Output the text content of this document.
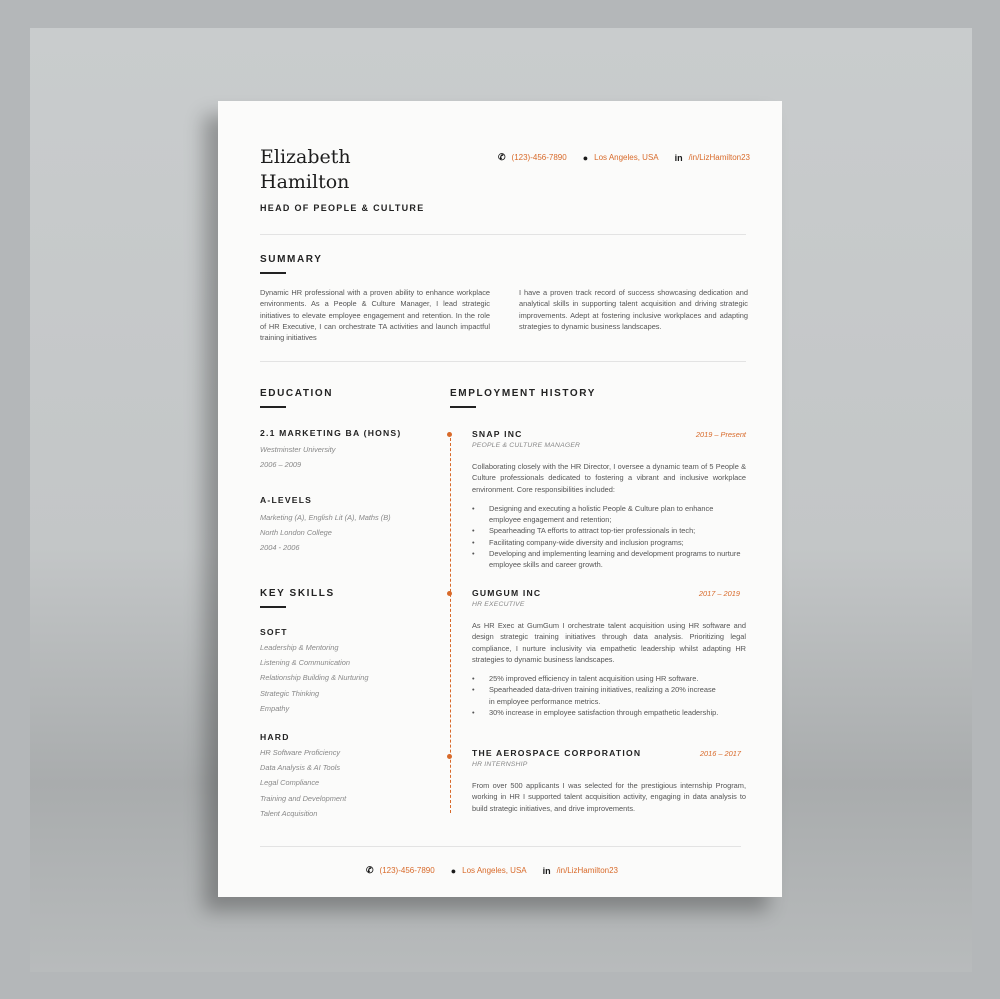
Elizabeth
Hamilton
HEAD OF PEOPLE & CULTURE
✆ (123)-456-7890 ● Los Angeles, USA in /in/LizHamilton23
SUMMARY
Dynamic HR professional with a proven ability to enhance workplace environments. As a People & Culture Manager, I lead strategic initiatives to elevate employee engagement and retention. In the role of HR Executive, I can orchestrate TA activities and launch impactful training initiatives
I have a proven track record of success showcasing dedication and analytical skills in supporting talent acquisition and driving strategic improvements. Adept at fostering inclusive workplaces and adapting strategies to dynamic business landscapes.
EDUCATION
2.1 MARKETING BA (HONS)
Westminster University
2006 – 2009
A-LEVELS
Marketing (A), English Lit (A), Maths (B)
North London College
2004 - 2006
KEY SKILLS
SOFT
Leadership & Mentoring
Listening & Communication
Relationship Building & Nurturing
Strategic Thinking
Empathy
HARD
HR Software Proficiency
Data Analysis & AI Tools
Legal Compliance
Training and Development
Talent Acquisition
EMPLOYMENT HISTORY
SNAP INC	2019 – Present
PEOPLE & CULTURE MANAGER
Collaborating closely with the HR Director, I oversee a dynamic team of 5 People & Culture professionals dedicated to fostering a vibrant and inclusive workplace environment. Core responsibilities included:
• Designing and executing a holistic People & Culture plan to enhance employee engagement and retention;
• Spearheading TA efforts to attract top-tier professionals in tech;
• Facilitating company-wide diversity and inclusion programs;
• Developing and implementing learning and development programs to nurture employee skills and career growth.
GUMGUM INC	2017 – 2019
HR EXECUTIVE
As HR Exec at GumGum I orchestrate talent acquisition using HR software and design strategic training initiatives through data analysis. Prioritizing legal compliance, I nurture inclusivity via empathetic leadership whilst adapting HR strategies to dynamic business landscapes.
• 25% improved efficiency in talent acquisition using HR software.
• Spearheaded data-driven training initiatives, realizing a 20% increase in employee performance metrics.
• 30% increase in employee satisfaction through empathetic leadership.
THE AEROSPACE CORPORATION	2016 – 2017
HR INTERNSHIP
From over 500 applicants I was selected for the prestigious internship Program, working in HR I supported talent acquisition activity, engaging in data analysis to build strategic initiatives, and drive improvements.
✆ (123)-456-7890 ● Los Angeles, USA in /in/LizHamilton23
